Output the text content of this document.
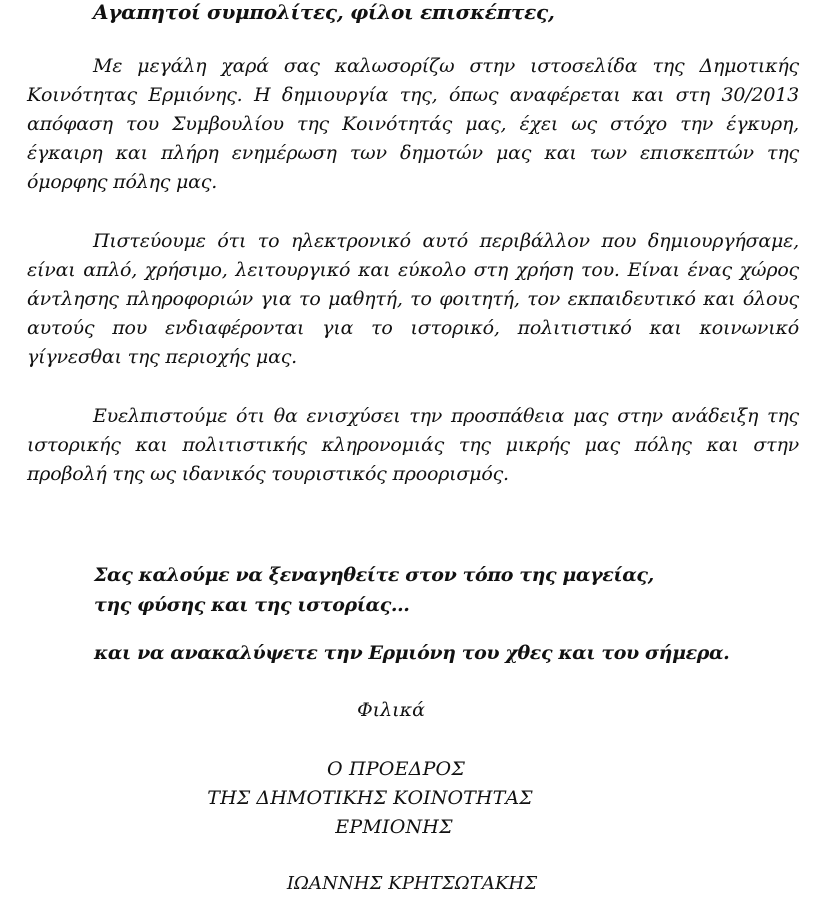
Αγαπητοί συμπολίτες, φίλοι επισκέπτες,

Με μεγάλη χαρά σας καλωσορίζω στην ιστοσελίδα της Δημοτικής Κοινότητας Ερμιόνης. Η δημιουργία της, όπως αναφέρεται και στη 30/2013 απόφαση του Συμβουλίου της Κοινότητάς μας, έχει ως στόχο την έγκυρη, έγκαιρη και πλήρη ενημέρωση των δημοτών μας και των επισκεπτών της όμορφης πόλης μας.

Πιστεύουμε ότι το ηλεκτρονικό αυτό περιβάλλον που δημιουργήσαμε, είναι απλό, χρήσιμο, λειτουργικό και εύκολο στη χρήση του. Είναι ένας χώρος άντλησης πληροφοριών για το μαθητή, το φοιτητή, τον εκπαιδευτικό και όλους αυτούς που ενδιαφέρονται για το ιστορικό, πολιτιστικό και κοινωνικό γίγνεσθαι της περιοχής μας.

Ευελπιστούμε ότι θα ενισχύσει την προσπάθεια μας στην ανάδειξη της ιστορικής και πολιτιστικής κληρονομιάς της μικρής μας πόλης και στην προβολή της ως ιδανικός τουριστικός προορισμός.

Σας καλούμε να ξεναγηθείτε στον τόπο της μαγείας,
της φύσης και της ιστορίας…
και να ανακαλύψετε την Ερμιόνη του χθες και του σήμερα.
Φιλικά
Ο ΠΡΟΕΔΡΟΣ
ΤΗΣ ΔΗΜΟΤΙΚΗΣ ΚΟΙΝΟΤΗΤΑΣ
ΕΡΜΙΟΝΗΣ
ΙΩΑΝΝΗΣ ΚΡΗΤΣΩΤΑΚΗΣ
